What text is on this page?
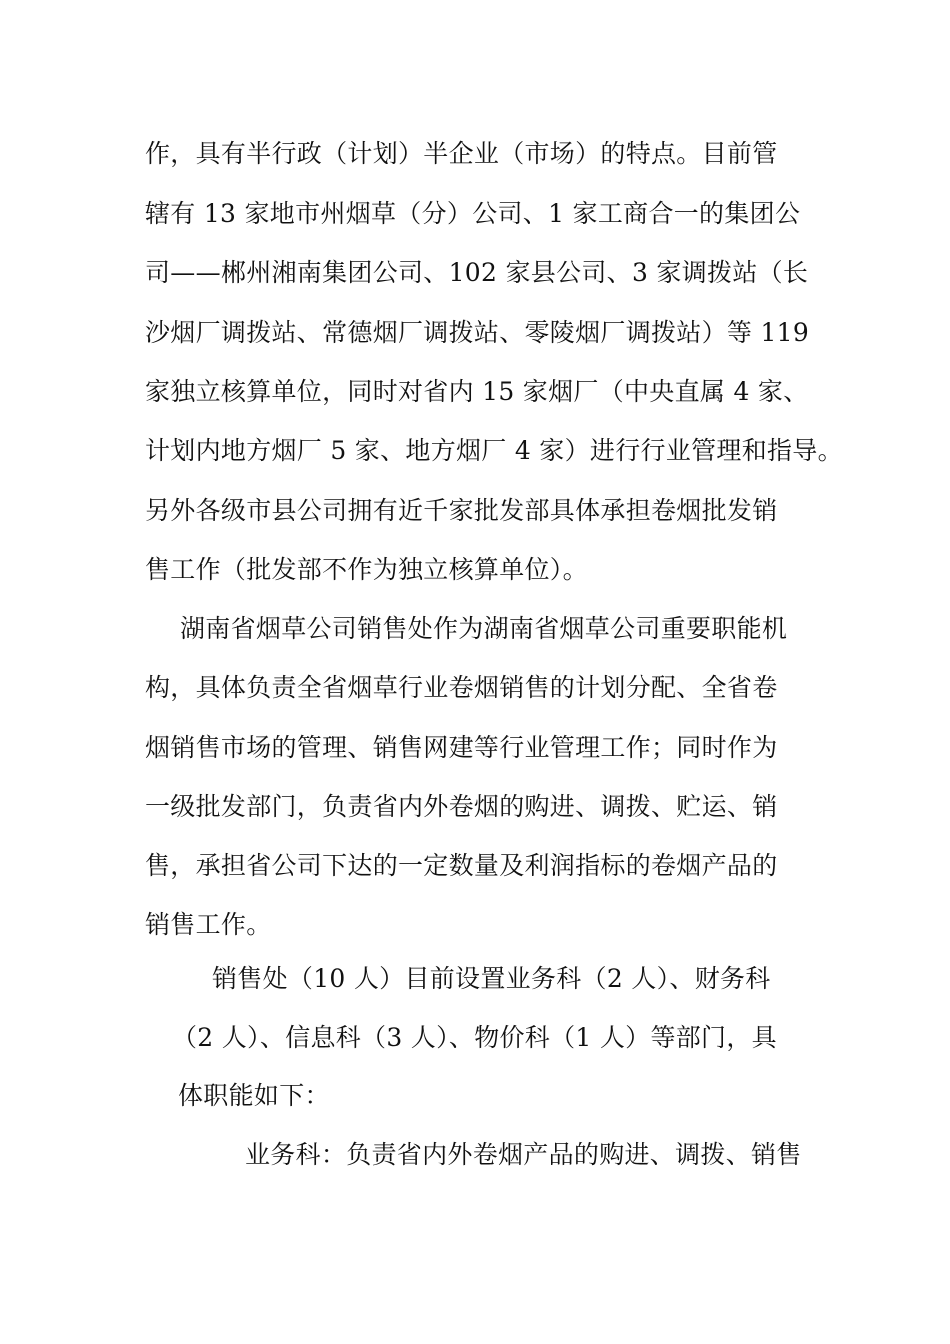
作，具有半行政（计划）半企业（市场）的特点。目前管
辖有 13 家地市州烟草（分）公司、1 家工商合一的集团公
司——郴州湘南集团公司、102 家县公司、3 家调拨站（长
沙烟厂调拨站、常德烟厂调拨站、零陵烟厂调拨站）等 119
家独立核算单位，同时对省内 15 家烟厂（中央直属 4 家、
计划内地方烟厂 5 家、地方烟厂 4 家）进行行业管理和指导。
另外各级市县公司拥有近千家批发部具体承担卷烟批发销
售工作（批发部不作为独立核算单位）。
湖南省烟草公司销售处作为湖南省烟草公司重要职能机
构，具体负责全省烟草行业卷烟销售的计划分配、全省卷
烟销售市场的管理、销售网建等行业管理工作；同时作为
一级批发部门，负责省内外卷烟的购进、调拨、贮运、销
售，承担省公司下达的一定数量及利润指标的卷烟产品的
销售工作。
销售处（10 人）目前设置业务科（2 人）、财务科
（2 人）、信息科（3 人）、物价科（1 人）等部门，具
体职能如下：
业务科：负责省内外卷烟产品的购进、调拨、销售
